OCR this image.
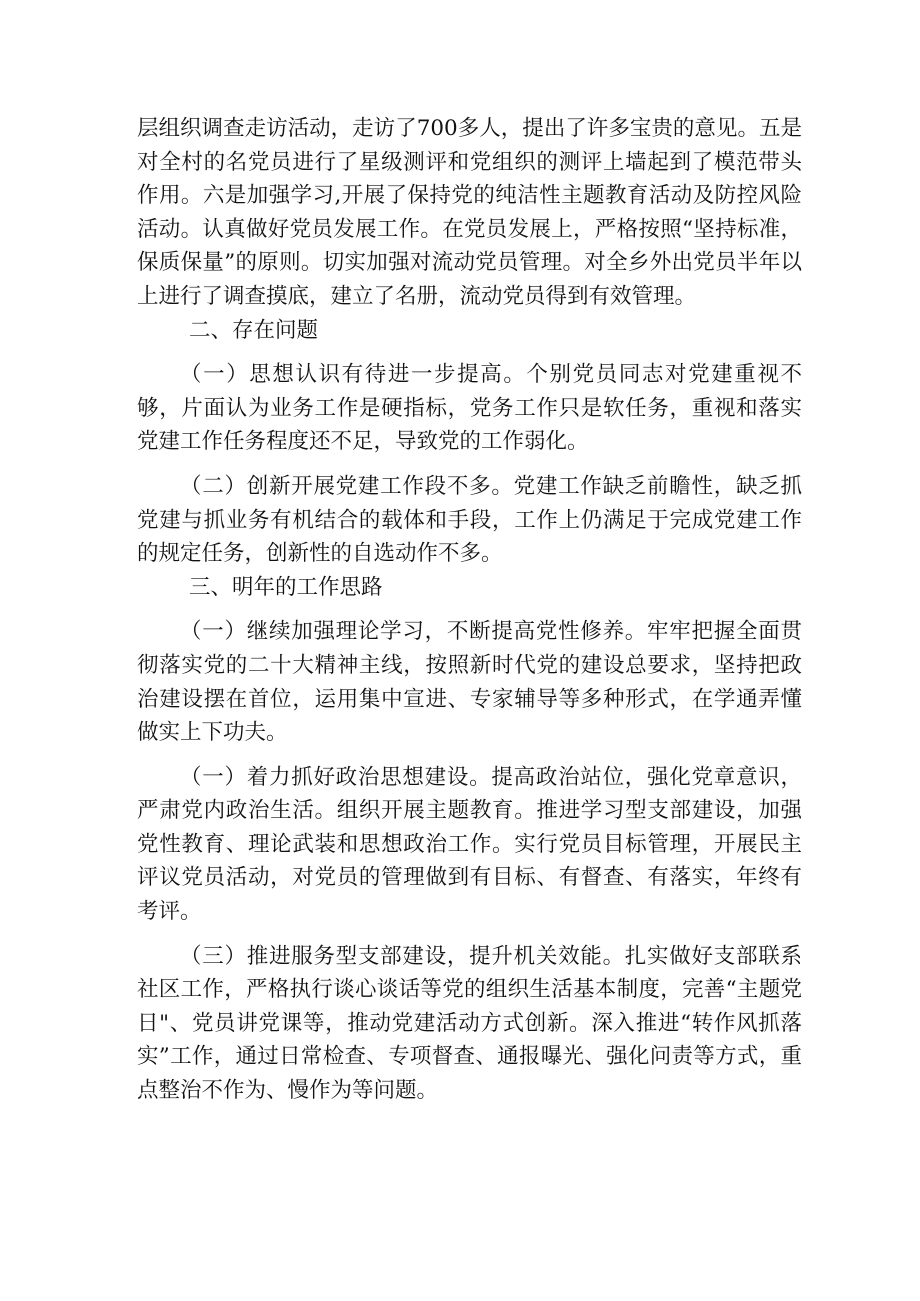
层组织调查走访活动，走访了700多人，提出了许多宝贵的意见。五是对全村的名党员进行了星级测评和党组织的测评上墙起到了模范带头作用。六是加强学习,开展了保持党的纯洁性主题教育活动及防控风险活动。认真做好党员发展工作。在党员发展上，严格按照“坚持标准，保质保量”的原则。切实加强对流动党员管理。对全乡外出党员半年以上进行了调查摸底，建立了名册，流动党员得到有效管理。

二、存在问题

（一）思想认识有待进一步提高。个别党员同志对党建重视不够，片面认为业务工作是硬指标，党务工作只是软任务，重视和落实党建工作任务程度还不足，导致党的工作弱化。

（二）创新开展党建工作段不多。党建工作缺乏前瞻性，缺乏抓党建与抓业务有机结合的载体和手段，工作上仍满足于完成党建工作的规定任务，创新性的自选动作不多。

三、明年的工作思路

（一）继续加强理论学习，不断提高党性修养。牢牢把握全面贯彻落实党的二十大精神主线，按照新时代党的建设总要求，坚持把政治建设摆在首位，运用集中宣进、专家辅导等多种形式，在学通弄懂做实上下功夫。

（一）着力抓好政治思想建设。提高政治站位，强化党章意识，严肃党内政治生活。组织开展主题教育。推进学习型支部建设，加强党性教育、理论武装和思想政治工作。实行党员目标管理，开展民主评议党员活动，对党员的管理做到有目标、有督查、有落实，年终有考评。

（三）推进服务型支部建设，提升机关效能。扎实做好支部联系社区工作，严格执行谈心谈话等党的组织生活基本制度，完善“主题党日"、党员讲党课等，推动党建活动方式创新。深入推进“转作风抓落实”工作，通过日常检查、专项督查、通报曝光、强化问责等方式，重点整治不作为、慢作为等问题。
